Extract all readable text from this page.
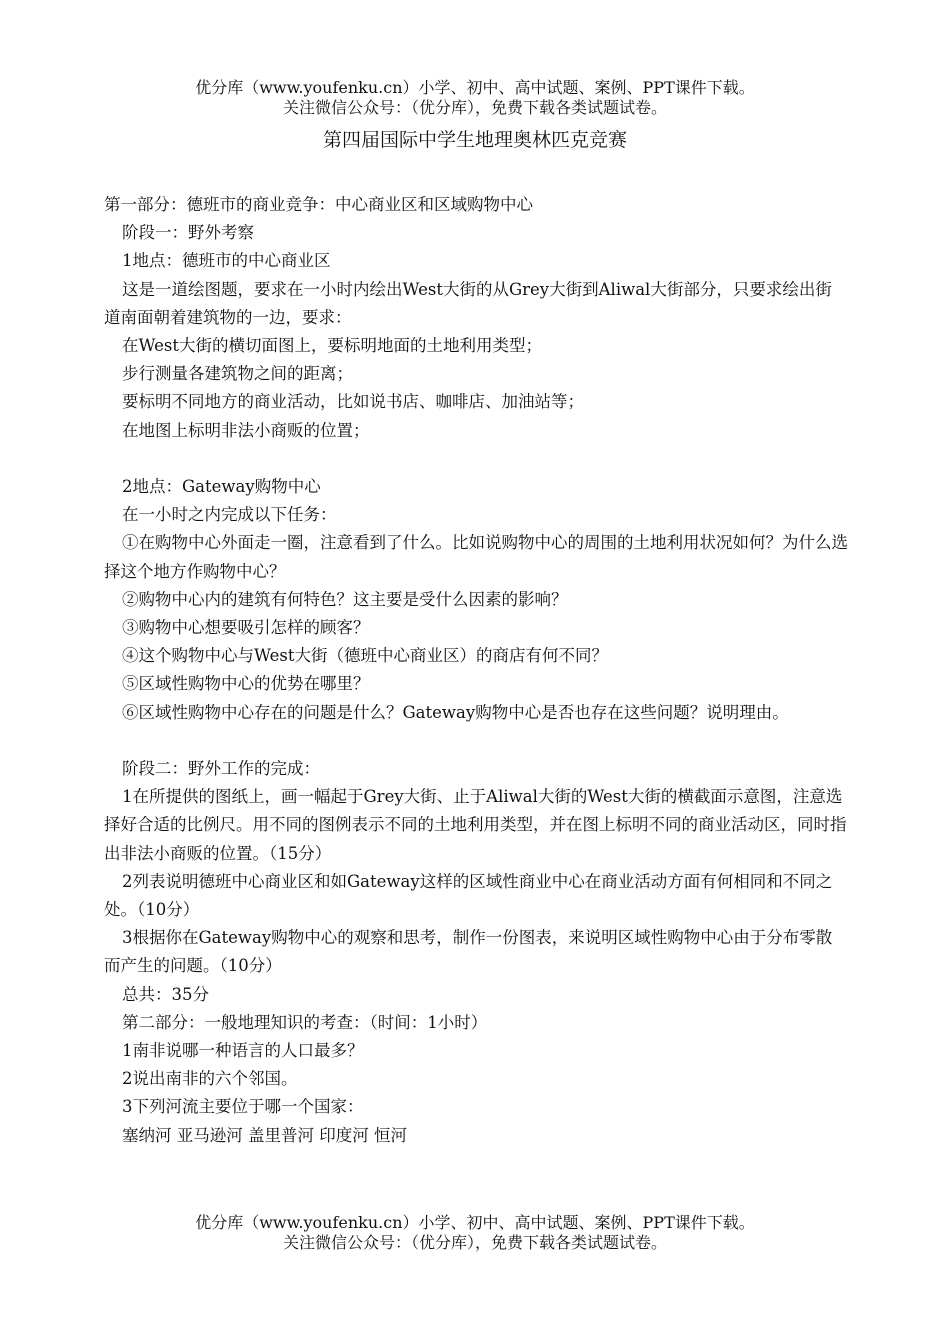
优分库（www.youfenku.cn）小学、初中、高中试题、案例、PPT课件下载。
关注微信公众号：（优分库），免费下载各类试题试卷。
第四届国际中学生地理奥林匹克竞赛

第一部分：德班市的商业竞争：中心商业区和区域购物中心

阶段一：野外考察

1地点：德班市的中心商业区

这是一道绘图题，要求在一小时内绘出West大街的从Grey大街到Aliwal大街部分，只要求绘出街道南面朝着建筑物的一边，要求：

在West大街的横切面图上，要标明地面的土地利用类型；

步行测量各建筑物之间的距离；

要标明不同地方的商业活动，比如说书店、咖啡店、加油站等；

在地图上标明非法小商贩的位置；

2地点：Gateway购物中心

在一小时之内完成以下任务：

①在购物中心外面走一圈，注意看到了什么。比如说购物中心的周围的土地利用状况如何？为什么选择这个地方作购物中心？

②购物中心内的建筑有何特色？这主要是受什么因素的影响？

③购物中心想要吸引怎样的顾客？

④这个购物中心与West大街（德班中心商业区）的商店有何不同？

⑤区域性购物中心的优势在哪里？

⑥区域性购物中心存在的问题是什么？Gateway购物中心是否也存在这些问题？说明理由。

阶段二：野外工作的完成：

1在所提供的图纸上，画一幅起于Grey大街、止于Aliwal大街的West大街的横截面示意图，注意选择好合适的比例尺。用不同的图例表示不同的土地利用类型，并在图上标明不同的商业活动区，同时指出非法小商贩的位置。（15分）

2列表说明德班中心商业区和如Gateway这样的区域性商业中心在商业活动方面有何相同和不同之处。（10分）

3根据你在Gateway购物中心的观察和思考，制作一份图表，来说明区域性购物中心由于分布零散而产生的问题。（10分）

总共：35分

第二部分：一般地理知识的考查：（时间：1小时）

1南非说哪一种语言的人口最多？

2说出南非的六个邻国。

3下列河流主要位于哪一个国家：

塞纳河 亚马逊河 盖里普河 印度河 恒河

优分库（www.youfenku.cn）小学、初中、高中试题、案例、PPT课件下载。
关注微信公众号：（优分库），免费下载各类试题试卷。
